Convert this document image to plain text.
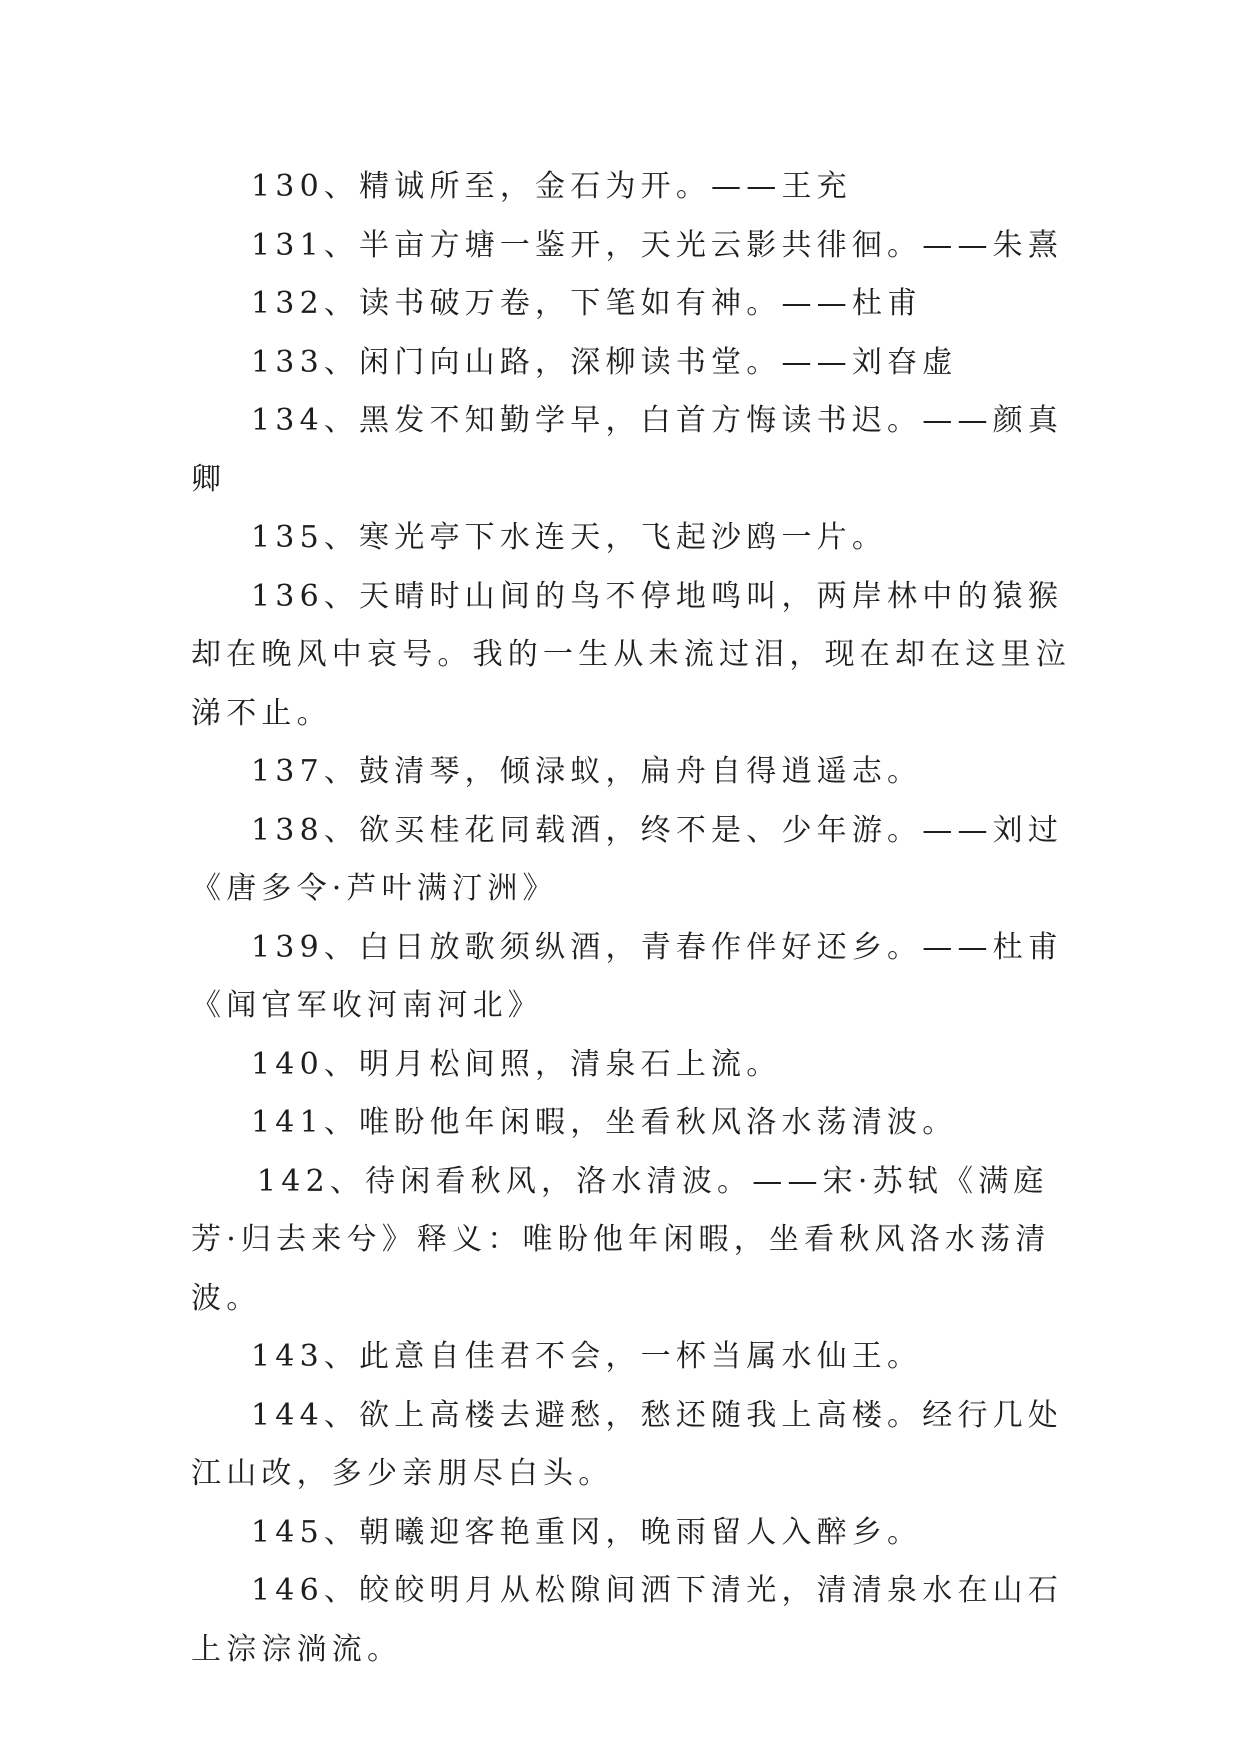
130、精诚所至，金石为开。——王充

131、半亩方塘一鉴开，天光云影共徘徊。——朱熹

132、读书破万卷，下笔如有神。——杜甫

133、闲门向山路，深柳读书堂。——刘昚虚

134、黑发不知勤学早，白首方悔读书迟。——颜真卿

135、寒光亭下水连天，飞起沙鸥一片。

136、天晴时山间的鸟不停地鸣叫，两岸林中的猿猴却在晚风中哀号。我的一生从未流过泪，现在却在这里泣涕不止。

137、鼓清琴，倾渌蚁，扁舟自得逍遥志。

138、欲买桂花同载酒，终不是、少年游。——刘过《唐多令·芦叶满汀洲》

139、白日放歌须纵酒，青春作伴好还乡。——杜甫《闻官军收河南河北》

140、明月松间照，清泉石上流。

141、唯盼他年闲暇，坐看秋风洛水荡清波。

142、待闲看秋风，洛水清波。——宋·苏轼《满庭芳·归去来兮》释义：唯盼他年闲暇，坐看秋风洛水荡清波。

143、此意自佳君不会，一杯当属水仙王。

144、欲上高楼去避愁，愁还随我上高楼。经行几处江山改，多少亲朋尽白头。

145、朝曦迎客艳重冈，晚雨留人入醉乡。

146、皎皎明月从松隙间洒下清光，清清泉水在山石上淙淙淌流。
